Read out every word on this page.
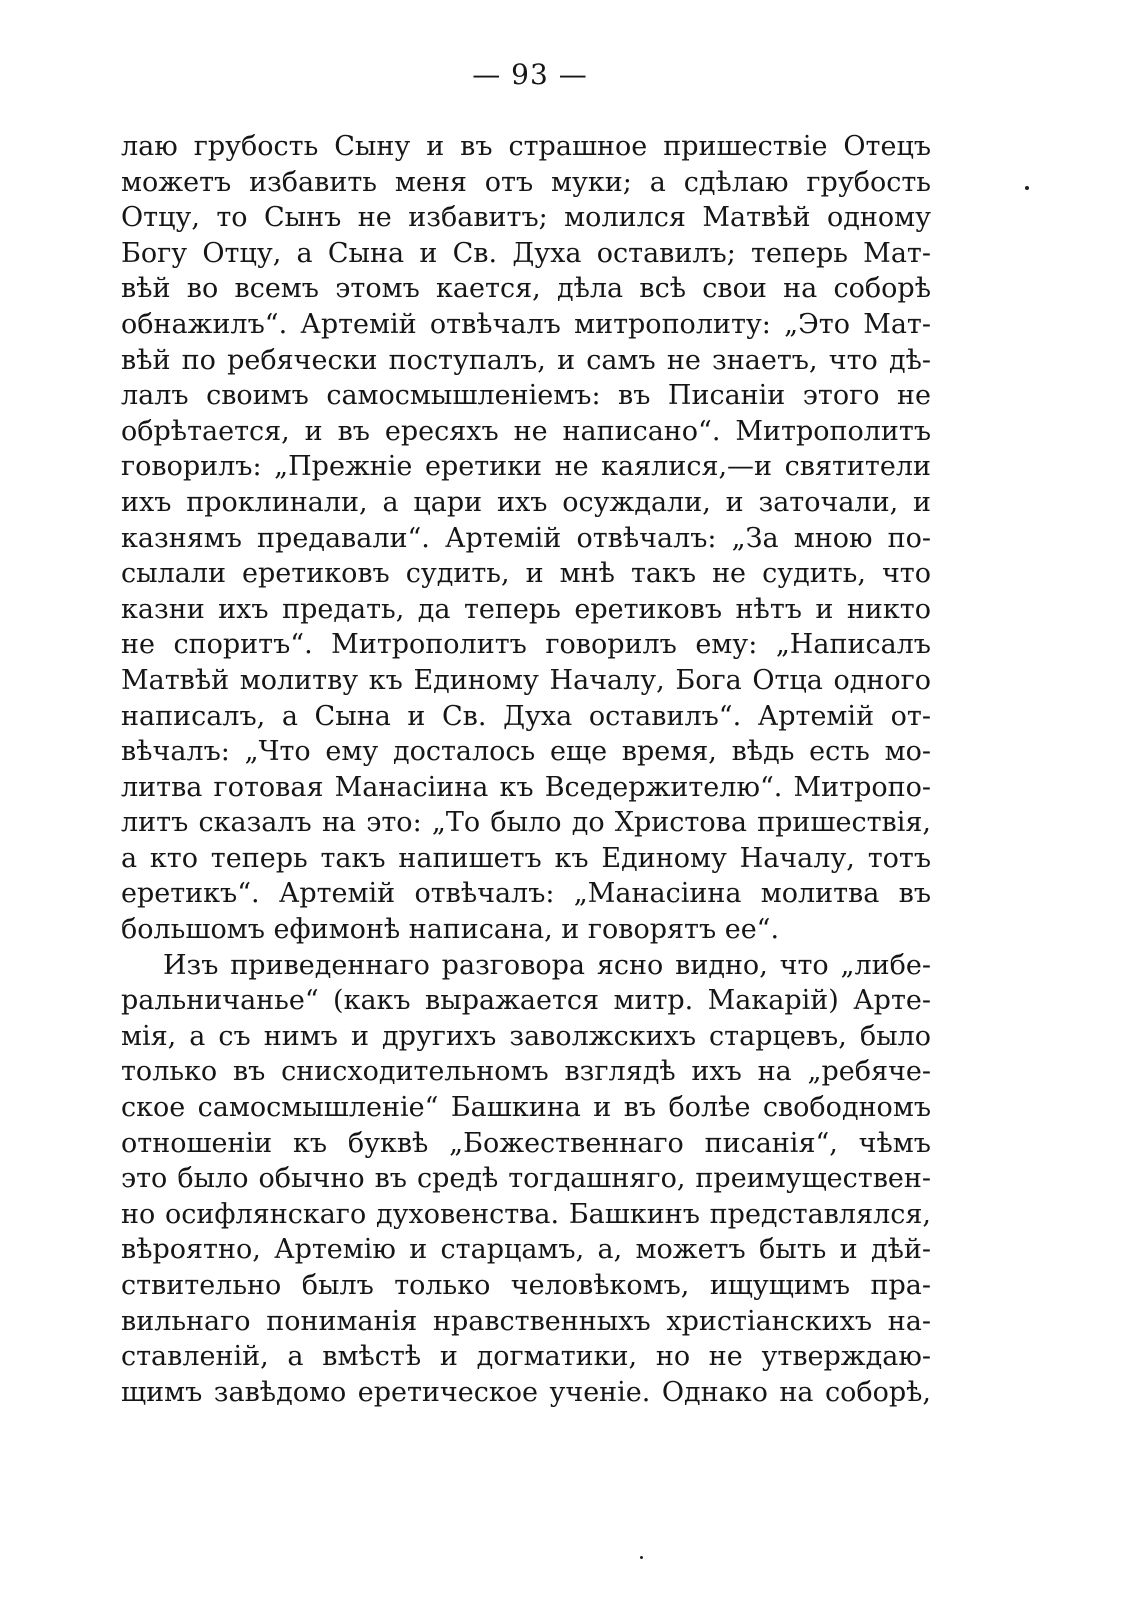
— 93 —
лаю грубость Сыну и въ страшное пришествіе Отецъ
можетъ избавить меня отъ муки; а сдѣлаю грубость
Отцу, то Сынъ не избавитъ; молился Матвѣй одному
Богу Отцу, а Сына и Св. Духа оставилъ; теперь Мат-
вѣй во всемъ этомъ кается, дѣла всѣ свои на соборѣ
обнажилъ“. Артемій отвѣчалъ митрополиту: „Это Мат-
вѣй по ребячески поступалъ, и самъ не знаетъ, что дѣ-
лалъ своимъ самосмышленіемъ: въ Писаніи этого не
обрѣтается, и въ ересяхъ не написано“. Митрополитъ
говорилъ: „Прежніе еретики не каялися,—и святители
ихъ проклинали, а цари ихъ осуждали, и заточали, и
казнямъ предавали“. Артемій отвѣчалъ: „За мною по-
сылали еретиковъ судить, и мнѣ такъ не судить, что
казни ихъ предать, да теперь еретиковъ нѣтъ и никто
не споритъ“. Митрополитъ говорилъ ему: „Написалъ
Матвѣй молитву къ Единому Началу, Бога Отца одного
написалъ, а Сына и Св. Духа оставилъ“. Артемій от-
вѣчалъ: „Что ему досталось еще время, вѣдь есть мо-
литва готовая Манасіина къ Вседержителю“. Митропо-
литъ сказалъ на это: „То было до Христова пришествія,
а кто теперь такъ напишетъ къ Единому Началу, тотъ
еретикъ“. Артемій отвѣчалъ: „Манасіина молитва въ
большомъ ефимонѣ написана, и говорятъ ее“.
Изъ приведеннаго разговора ясно видно, что „либе-
ральничанье“ (какъ выражается митр. Макарій) Арте-
мія, а съ нимъ и другихъ заволжскихъ старцевъ, было
только въ снисходительномъ взглядѣ ихъ на „ребяче-
ское самосмышленіе“ Башкина и въ болѣе свободномъ
отношеніи къ буквѣ „Божественнаго писанія“, чѣмъ
это было обычно въ средѣ тогдашняго, преимуществен-
но осифлянскаго духовенства. Башкинъ представлялся,
вѣроятно, Артемію и старцамъ, а, можетъ быть и дѣй-
ствительно былъ только человѣкомъ, ищущимъ пра-
вильнаго пониманія нравственныхъ христіанскихъ на-
ставленій, а вмѣстѣ и догматики, но не утверждаю-
щимъ завѣдомо еретическое ученіе. Однако на соборѣ,
